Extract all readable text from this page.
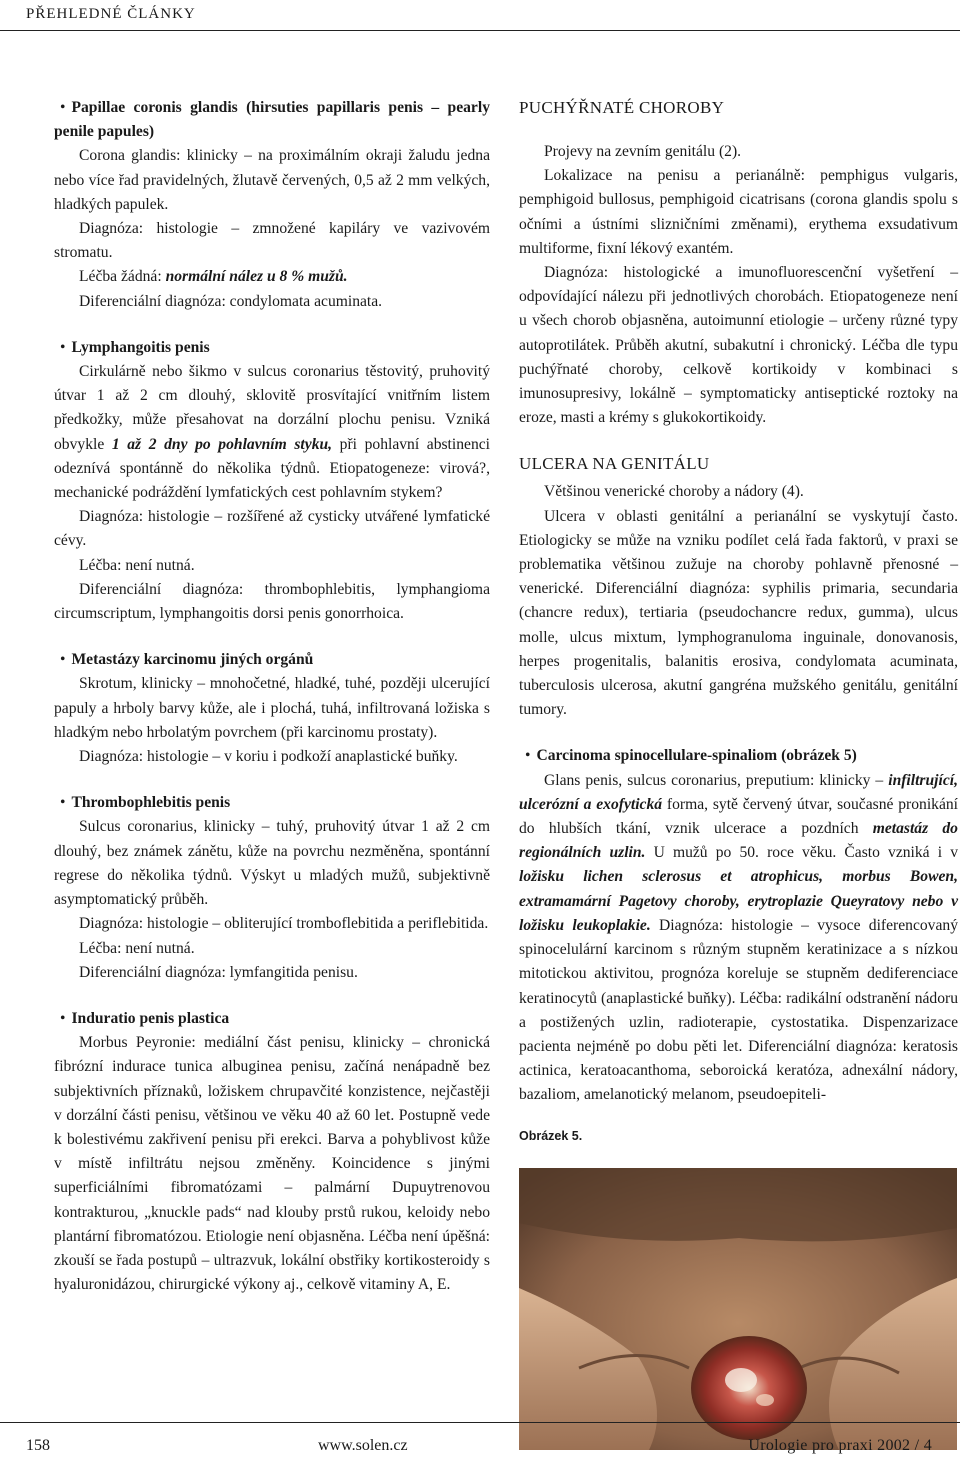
PŘEHLEDNÉ ČLÁNKY

• Papillae coronis glandis (hirsuties papillaris penis – pearly penile papules)

Corona glandis: klinicky – na proximálním okraji žaludu jedna nebo více řad pravidelných, žlutavě červených, 0,5 až 2 mm velkých, hladkých papulek.

Diagnóza: histologie – zmnožené kapiláry ve vazivovém stromatu.

Léčba žádná: normální nález u 8 % mužů.

Diferenciální diagnóza: condylomata acuminata.

• Lymphangoitis penis

Cirkulárně nebo šikmo v sulcus coronarius těstovitý, pruhovitý útvar 1 až 2 cm dlouhý, sklovitě prosvítající vnitřním listem předkožky, může přesahovat na dorzální plochu penisu. Vzniká obvykle 1 až 2 dny po pohlavním styku, při pohlavní abstinenci odeznívá spontánně do několika týdnů. Etiopatogeneze: virová?, mechanické podráždění lymfatických cest pohlavním stykem?

Diagnóza: histologie – rozšířené až cysticky utvářené lymfatické cévy.

Léčba: není nutná.

Diferenciální diagnóza: thrombophlebitis, lymphangioma circumscriptum, lymphangoitis dorsi penis gonorrhoica.

• Metastázy karcinomu jiných orgánů

Skrotum, klinicky – mnohočetné, hladké, tuhé, později ulcerující papuly a hrboly barvy kůže, ale i plochá, tuhá, infiltrovaná ložiska s hladkým nebo hrbolatým povrchem (při karcinomu prostaty).

Diagnóza: histologie – v koriu i podkoží anaplastické buňky.

• Thrombophlebitis penis

Sulcus coronarius, klinicky – tuhý, pruhovitý útvar 1 až 2 cm dlouhý, bez známek zánětu, kůže na povrchu nezměněna, spontánní regrese do několika týdnů. Výskyt u mladých mužů, subjektivně asymptomatický průběh.

Diagnóza: histologie – obliterující tromboflebitida a periflebitida.

Léčba: není nutná.

Diferenciální diagnóza: lymfangitida penisu.

• Induratio penis plastica

Morbus Peyronie: mediální část penisu, klinicky – chronická fibrózní indurace tunica albuginea penisu, začíná nenápadně bez subjektivních příznaků, ložiskem chrupavčité konzistence, nejčastěji v dorzální části penisu, většinou ve věku 40 až 60 let. Postupně vede k bolestivému zakřivení penisu při erekci. Barva a pohyblivost kůže v místě infiltrátu nejsou změněny. Koincidence s jinými superficiálními fibromatózami – palmární Dupuytrenovou kontrakturou, „knuckle pads“ nad klouby prstů rukou, keloidy nebo plantární fibromatózou. Etiologie není objasněna. Léčba není úpěšná: zkouší se řada postupů – ultrazvuk, lokální obstřiky kortikosteroidy s hyaluronidázou, chirurgické výkony aj., celkově vitaminy A, E.

PUCHÝŘNATÉ CHOROBY

Projevy na zevním genitálu (2).

Lokalizace na penisu a perianálně: pemphigus vulgaris, pemphigoid bullosus, pemphigoid cicatrisans (corona glandis spolu s očními a ústními slizničními změnami), erythema exsudativum multiforme, fixní lékový exantém.

Diagnóza: histologické a imunofluorescenční vyšetření – odpovídající nálezu při jednotlivých chorobách. Etiopatogeneze není u všech chorob objasněna, autoimunní etiologie – určeny různé typy autoprotilátek. Průběh akutní, subakutní i chronický. Léčba dle typu puchýřnaté choroby, celkově kortikoidy v kombinaci s imunosupresivy, lokálně – symptomaticky antiseptické roztoky na eroze, masti a krémy s glukokortikoidy.

ULCERA NA GENITÁLU

Většinou venerické choroby a nádory (4).

Ulcera v oblasti genitální a perianální se vyskytují často. Etiologicky se může na vzniku podílet celá řada faktorů, v praxi se problematika většinou zužuje na choroby pohlavně přenosné – venerické. Diferenciální diagnóza: syphilis primaria, secundaria (chancre redux), tertiaria (pseudochancre redux, gumma), ulcus molle, ulcus mixtum, lymphogranuloma inguinale, donovanosis, herpes progenitalis, balanitis erosiva, condylomata acuminata, tuberculosis ulcerosa, akutní gangréna mužského genitálu, genitální tumory.

• Carcinoma spinocellulare-spinaliom (obrázek 5)

Glans penis, sulcus coronarius, preputium: klinicky – infiltrující, ulcerózní a exofytická forma, sytě červený útvar, současné pronikání do hlubších tkání, vznik ulcerace a pozdních metastáz do regionálních uzlin. U mužů po 50. roce věku. Často vzniká i v ložisku lichen sclerosus et atrophicus, morbus Bowen, extramamární Pagetovy choroby, erytroplazie Queyratovy nebo v ložisku leukoplakie. Diagnóza: histologie – vysoce diferencovaný spinocelulární karcinom s různým stupněm keratinizace a s nízkou mitotickou aktivitou, prognóza koreluje se stupněm dediferenciace keratinocytů (anaplastické buňky). Léčba: radikální odstranění nádoru a postižených uzlin, radioterapie, cystostatika. Dispenzarizace pacienta nejméně po dobu pěti let. Diferenciální diagnóza: keratosis actinica, keratoacanthoma, seboroická keratóza, adnexální nádory, bazaliom, amelanotický melanom, pseudoepiteli-

Obrázek 5.
158	www.solen.cz	Urologie pro praxi 2002 / 4
